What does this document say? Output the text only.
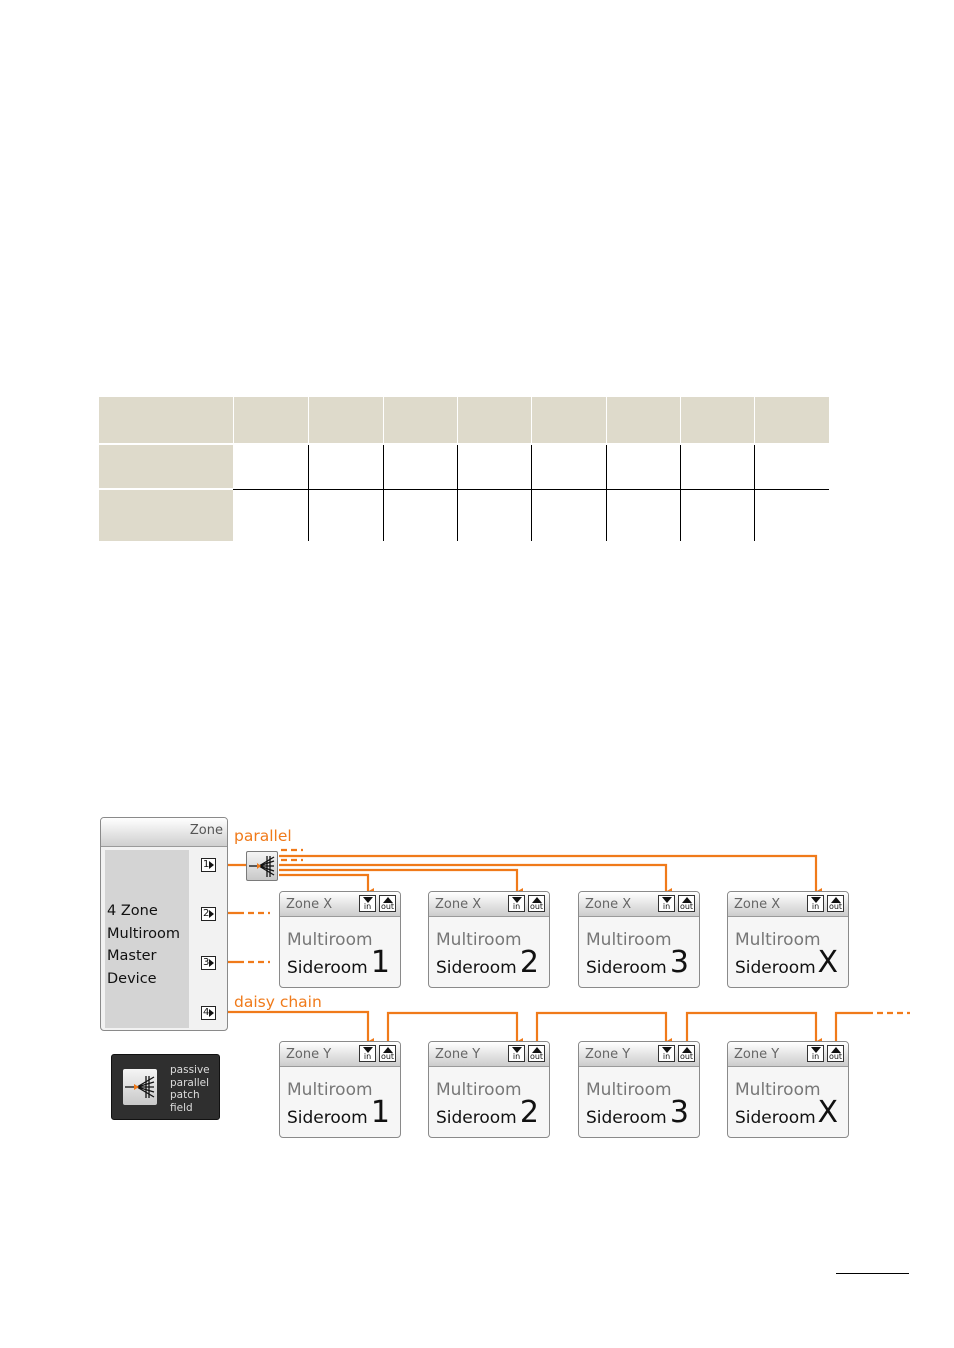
Zone
4 Zone
Multiroom
Master
Device
1
2
3
4
parallel
daisy chain
passive
parallel
patch
field
Zone X	in	out
Multiroom
Sideroom 1
Zone X	in	out
Multiroom
Sideroom 2
Zone X	in	out
Multiroom
Sideroom 3
Zone X	in	out
Multiroom
Sideroom X
Zone Y	in	out
Multiroom
Sideroom 1
Zone Y	in	out
Multiroom
Sideroom 2
Zone Y	in	out
Multiroom
Sideroom 3
Zone Y	in	out
Multiroom
Sideroom X
